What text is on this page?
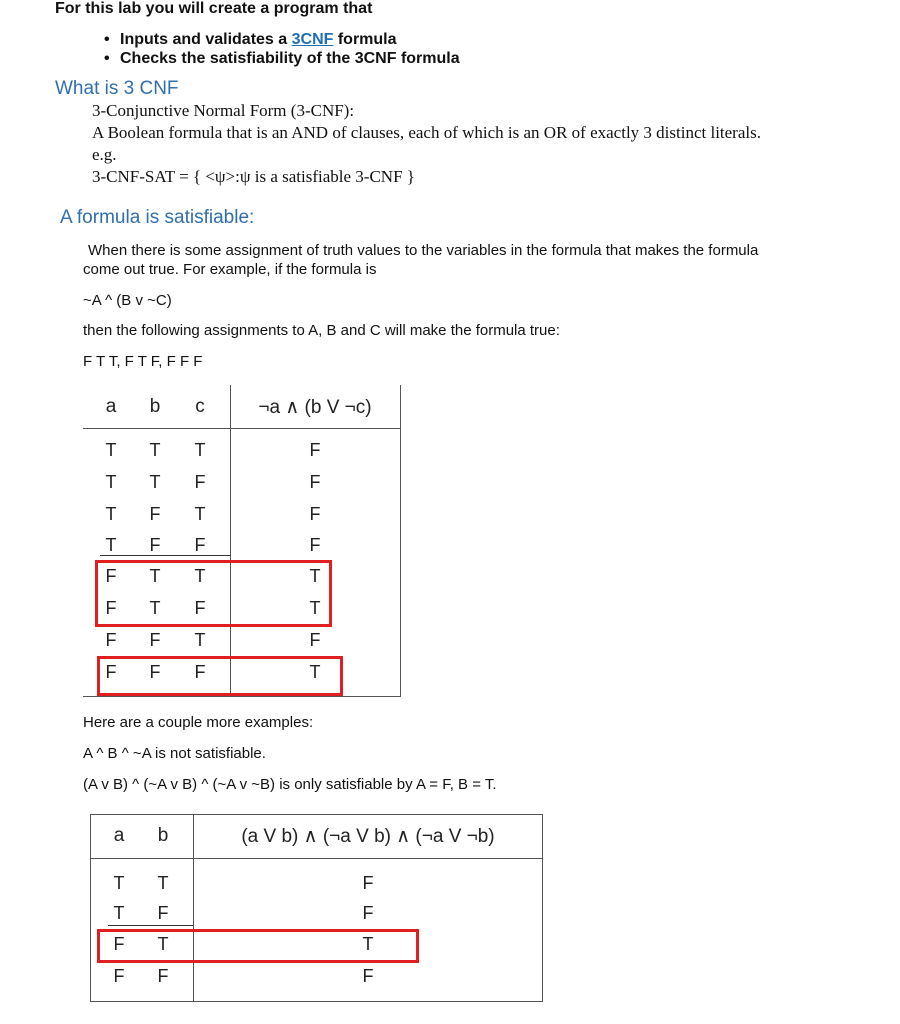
For this lab you will create a program that
• Inputs and validates a 3CNF formula
• Checks the satisfiability of the 3CNF formula
What is 3 CNF
3-Conjunctive Normal Form (3-CNF):
A Boolean formula that is an AND of clauses, each of which is an OR of exactly 3 distinct literals.
e.g.
3-CNF-SAT = { <ψ>:ψ is a satisfiable 3-CNF }
A formula is satisfiable:
When there is some assignment of truth values to the variables in the formula that makes the formula
come out true. For example, if the formula is
~A ^ (B v ~C)
then the following assignments to A, B and C will make the formula true:
F T T, F T F, F F F
a	b	c	¬a ∧ (b V ¬c)
T	T	T	F
T	T	F	F
T	F	T	F
T	F	F	F
F	T	T	T
F	T	F	T
F	F	T	F
F	F	F	T
Here are a couple more examples:
A ^ B ^ ~A is not satisfiable.
(A v B) ^ (~A v B) ^ (~A v ~B) is only satisfiable by A = F, B = T.
a	b	(a V b) ∧ (¬a V b) ∧ (¬a V ¬b)
T	T	F
T	F	F
F	T	T
F	F	F
